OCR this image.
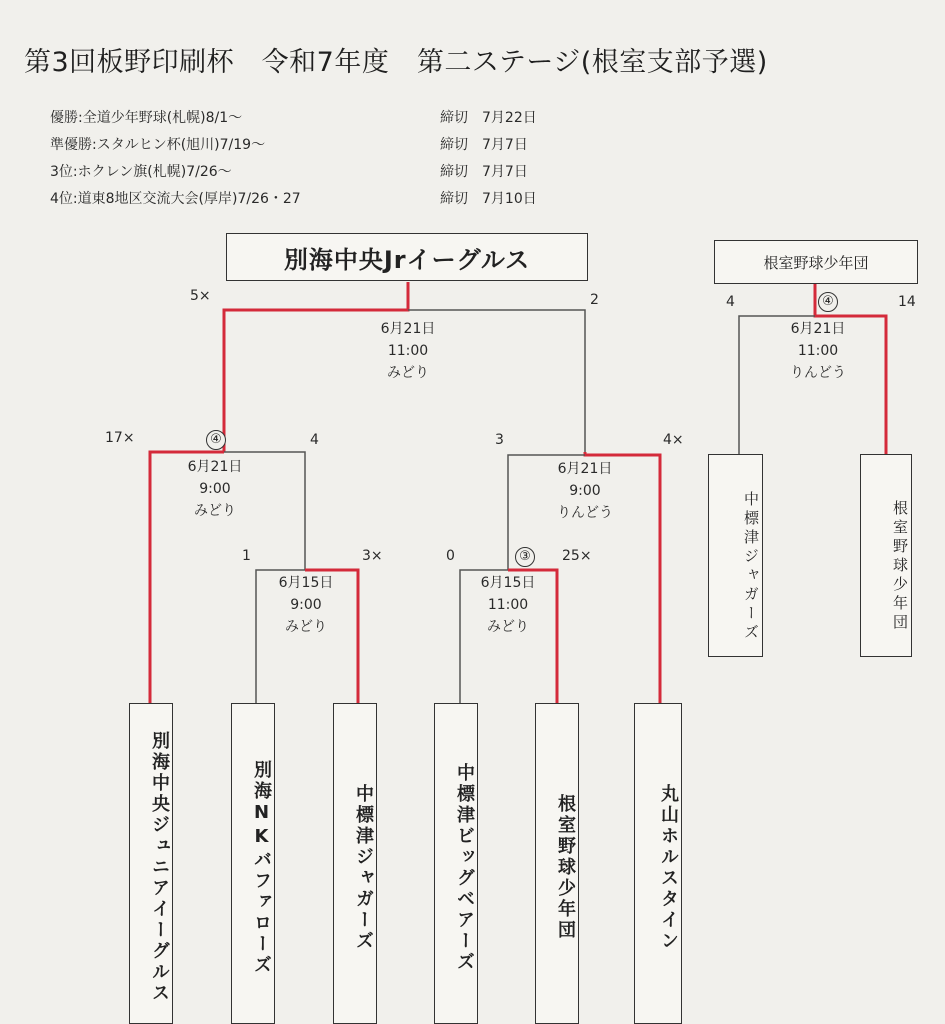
第3回板野印刷杯　令和7年度　第二ステージ(根室支部予選)
優勝:全道少年野球(札幌)8/1〜	締切　7月22日
準優勝:スタルヒン杯(旭川)7/19〜	締切　7月7日
3位:ホクレン旗(札幌)7/26〜	締切　7月7日
4位:道東8地区交流大会(厚岸)7/26・27	締切　7月10日
別海中央Jrイーグルス	根室野球少年団
5×	2
6月21日
11:00
みどり
17×	④	4
6月21日
9:00
みどり
3	4×
6月21日
9:00
りんどう
1	3×
6月15日
9:00
みどり
0	③ 25×
6月15日
11:00
みどり
4	④	14
6月21日
11:00
りんどう
別海中央ジュニアイーグルス	別海NKバファローズ	中標津ジャガーズ	中標津ビッグベアーズ	根室野球少年団	丸山ホルスタイン
中標津ジャガーズ	根室野球少年団
